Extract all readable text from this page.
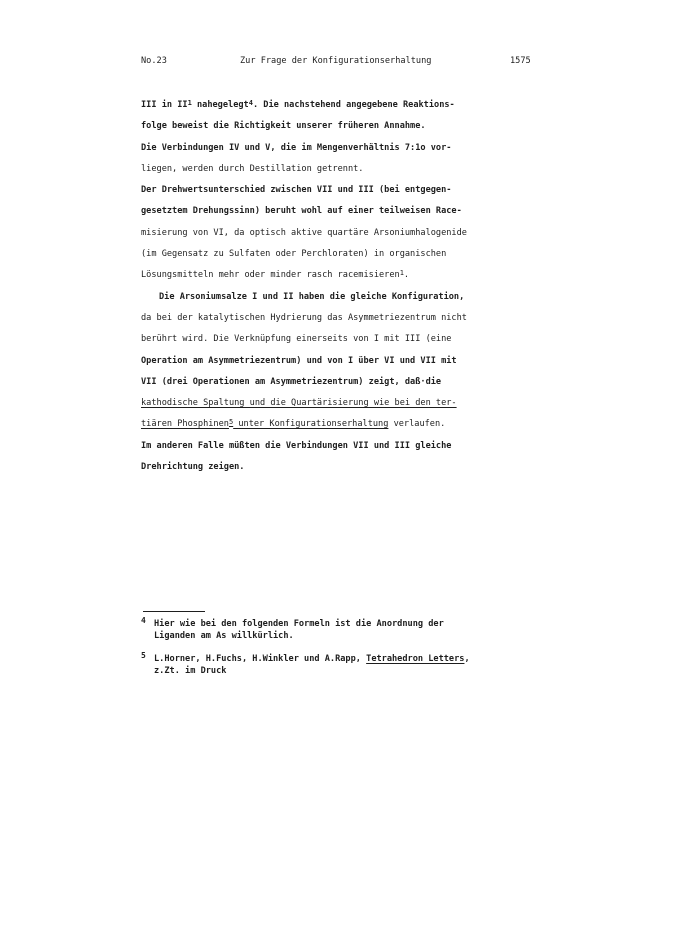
No.23	Zur Frage der Konfigurationserhaltung	1575
III in $II^1$ nahegelegt$^4$. Die nachstehend angegebene Reaktions-
folge beweist die Richtigkeit unserer früheren Annahme.
Die Verbindungen IV und V, die im Mengenverhältnis 7:1o vor-
liegen, werden durch Destillation getrennt.
Der Drehwertsunterschied zwischen VII und III (bei entgegen-
gesetztem Drehungssinn) beruht wohl auf einer teilweisen Race-
misierung von VI, da optisch aktive quartäre Arsoniumhalogenide
(im Gegensatz zu Sulfaten oder Perchloraten) in organischen
Lösungsmitteln mehr oder minder rasch racemisieren$^1$.
Die Arsoniumsalze I und II haben die gleiche Konfiguration,
da bei der katalytischen Hydrierung das Asymmetriezentrum nicht
berührt wird. Die Verknüpfung einerseits von I mit III (eine
Operation am Asymmetriezentrum) und von I über VI und VII mit
VII (drei Operationen am Asymmetriezentrum) zeigt, daß·die
kathodische Spaltung und die Quartärisierung wie bei den ter-
tiären Phosphinen$^5$ unter Konfigurationserhaltung verlaufen.
Im anderen Falle müßten die Verbindungen VII und III gleiche
Drehrichtung zeigen.
4 Hier wie bei den folgenden Formeln ist die Anordnung der
Liganden am As willkürlich.
5 L.Horner, H.Fuchs, H.Winkler und A.Rapp, Tetrahedron Letters,
z.Zt. im Druck
